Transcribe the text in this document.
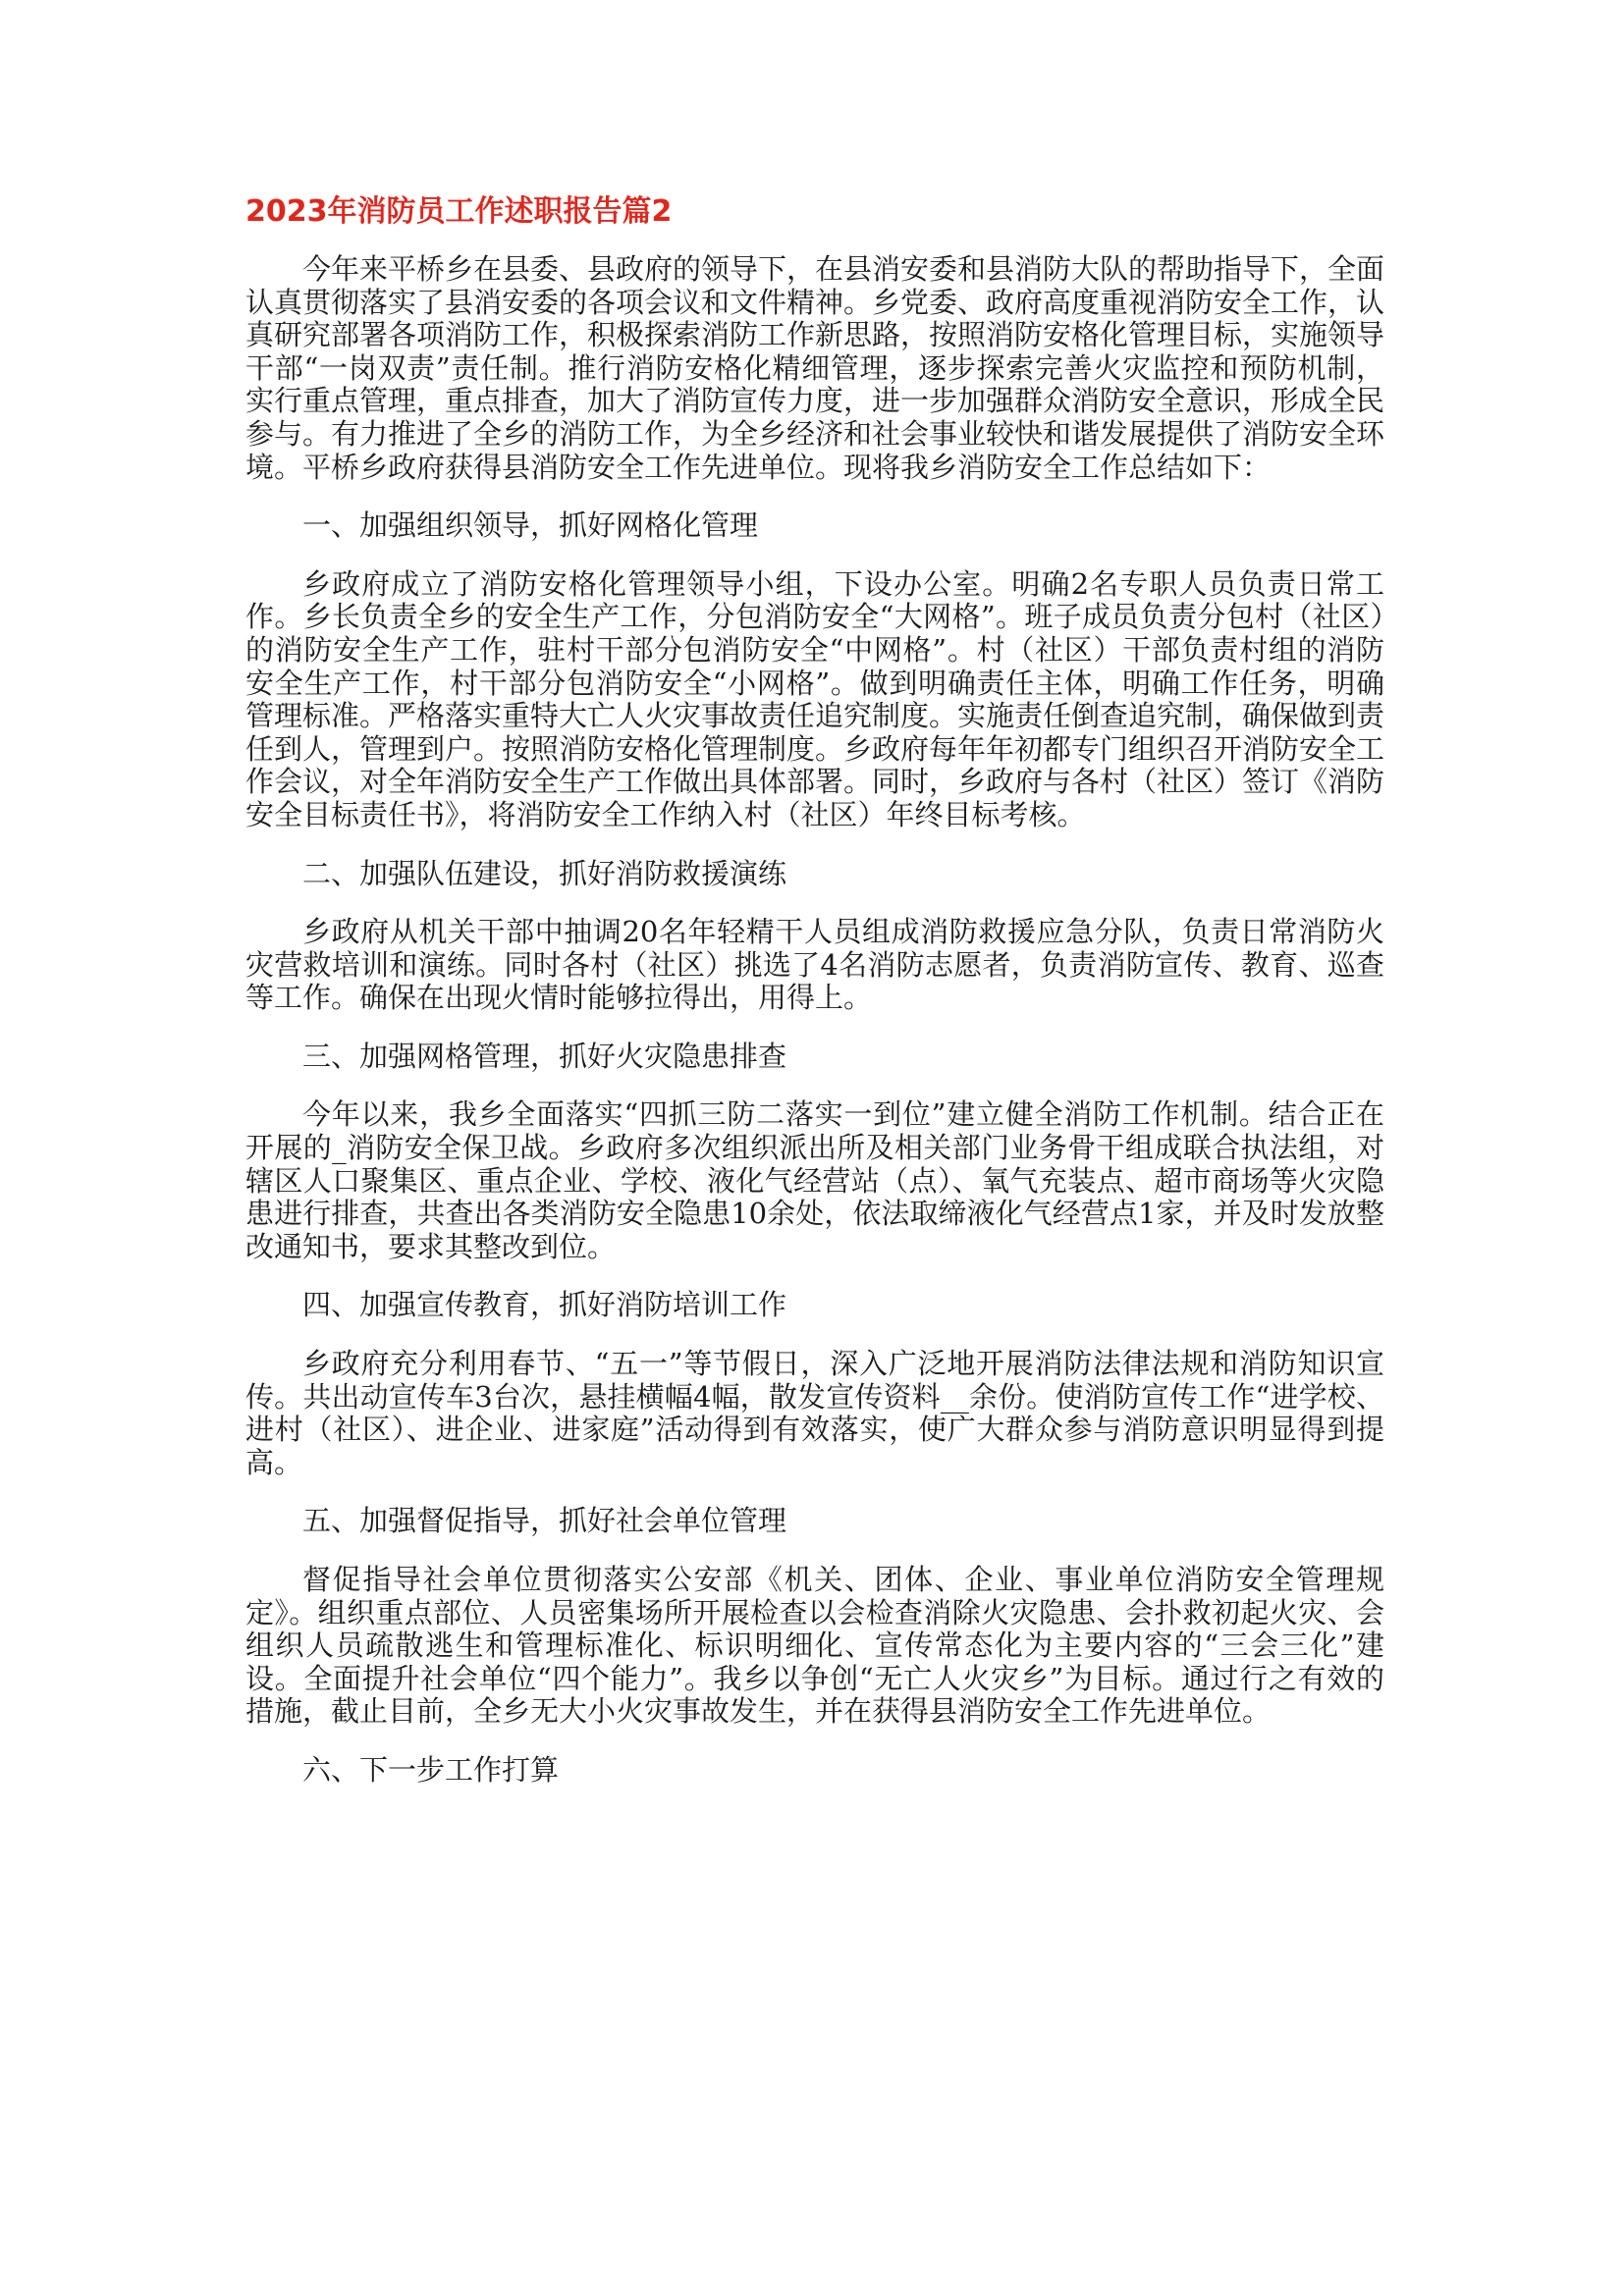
2023年消防员工作述职报告篇2

今年来平桥乡在县委、县政府的领导下，在县消安委和县消防大队的帮助指导下，全面认真贯彻落实了县消安委的各项会议和文件精神。乡党委、政府高度重视消防安全工作，认真研究部署各项消防工作，积极探索消防工作新思路，按照消防安格化管理目标，实施领导干部“一岗双责”责任制。推行消防安格化精细管理，逐步探索完善火灾监控和预防机制，实行重点管理，重点排查，加大了消防宣传力度，进一步加强群众消防安全意识，形成全民参与。有力推进了全乡的消防工作，为全乡经济和社会事业较快和谐发展提供了消防安全环境。平桥乡政府获得县消防安全工作先进单位。现将我乡消防安全工作总结如下：

一、加强组织领导，抓好网格化管理

乡政府成立了消防安格化管理领导小组，下设办公室。明确2名专职人员负责日常工作。乡长负责全乡的安全生产工作，分包消防安全“大网格”。班子成员负责分包村（社区）的消防安全生产工作，驻村干部分包消防安全“中网格”。村（社区）干部负责村组的消防安全生产工作，村干部分包消防安全“小网格”。做到明确责任主体，明确工作任务，明确管理标准。严格落实重特大亡人火灾事故责任追究制度。实施责任倒查追究制，确保做到责任到人，管理到户。按照消防安格化管理制度。乡政府每年年初都专门组织召开消防安全工作会议，对全年消防安全生产工作做出具体部署。同时，乡政府与各村（社区）签订《消防安全目标责任书》，将消防安全工作纳入村（社区）年终目标考核。

二、加强队伍建设，抓好消防救援演练

乡政府从机关干部中抽调20名年轻精干人员组成消防救援应急分队，负责日常消防火灾营救培训和演练。同时各村（社区）挑选了4名消防志愿者，负责消防宣传、教育、巡查等工作。确保在出现火情时能够拉得出，用得上。

三、加强网格管理，抓好火灾隐患排查

今年以来，我乡全面落实“四抓三防二落实一到位”建立健全消防工作机制。结合正在开展的_消防安全保卫战。乡政府多次组织派出所及相关部门业务骨干组成联合执法组，对辖区人口聚集区、重点企业、学校、液化气经营站（点）、氧气充装点、超市商场等火灾隐患进行排查，共查出各类消防安全隐患10余处，依法取缔液化气经营点1家，并及时发放整改通知书，要求其整改到位。

四、加强宣传教育，抓好消防培训工作

乡政府充分利用春节、“五一”等节假日，深入广泛地开展消防法律法规和消防知识宣传。共出动宣传车3台次，悬挂横幅4幅，散发宣传资料__余份。使消防宣传工作“进学校、进村（社区）、进企业、进家庭”活动得到有效落实，使广大群众参与消防意识明显得到提高。

五、加强督促指导，抓好社会单位管理

督促指导社会单位贯彻落实公安部《机关、团体、企业、事业单位消防安全管理规定》。组织重点部位、人员密集场所开展检查以会检查消除火灾隐患、会扑救初起火灾、会组织人员疏散逃生和管理标准化、标识明细化、宣传常态化为主要内容的“三会三化”建设。全面提升社会单位“四个能力”。我乡以争创“无亡人火灾乡”为目标。通过行之有效的措施，截止目前，全乡无大小火灾事故发生，并在获得县消防安全工作先进单位。

六、下一步工作打算
